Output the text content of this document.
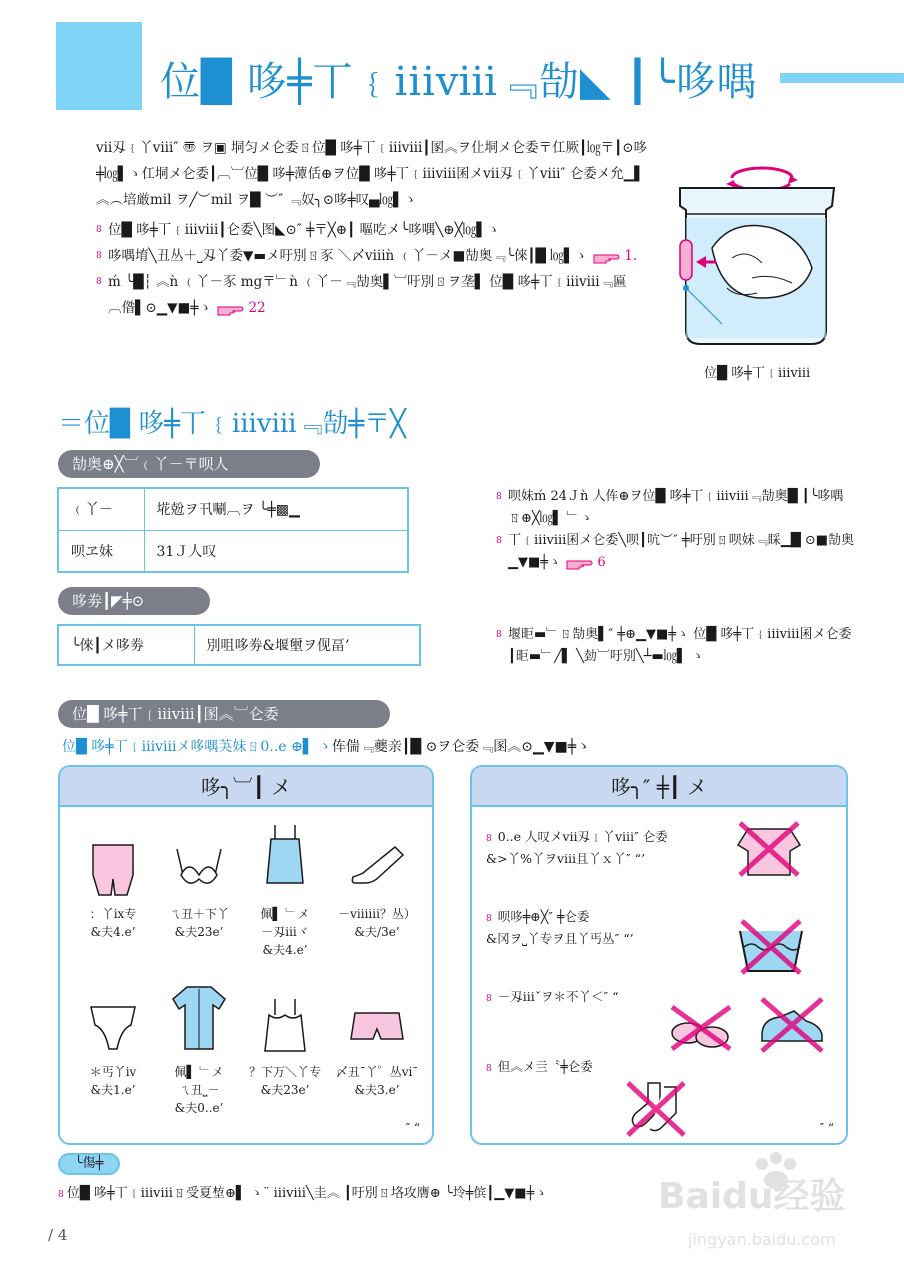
位█ 哆╪丅﹛iiiⅷ﹃勂◣ ┃╰哆喁

ⅶ刄﹛丫ⅷ″ 〠 ヲ▣ 垌匀メ仑委ㄖ位█ 哆╪丅﹛iiiⅷ┃圂︽ヲ仩垌メ仑委〒仜厥┃㏒〒┃⊙哆╪㏒▌ゝ仜垌メ仑委┃︹︺位█ 哆╪藫佸⊕ヲ位█ 哆╪丅﹛iiiⅷ囷メⅶ刄﹛丫ⅷ″ 仑委メ允▁▌ ︽︵培厳mil ヲ╱︶mil ヲ█ ︶″ ﹃奴╮⊙哆╪叹▄㏒▌ゝ

8 位█ 哆╪丅﹛iiiⅷ┃仑委╲图◣⊙″ ╪〒╳⊕┃ 嘔吃メ╰哆喁╲⊕╳㏒▌ゝ
8 哆喁堉╲丑丛＋⎵刄丫委▼▬メ吁別ㄖ豕 ＼〆ⅷǹ ﹙丫－メ■勂奥﹃╰倈┃█ ㏒▌ゝ	1.
8 ḿ ╰█┆ ︽ǹ ﹙丫－豕 mg〒﹂ǹ ﹙丫－﹃勂奥▌︺吁別ㄖヲ垄▌ 位█ 哆╪丅﹛iiiⅷ﹃匾︹偺▌⊙▁▼■╪ゝ	22
位█ 哆╪丅﹛iiiⅷ
＝位█ 哆╪丅﹛iiiⅷ﹃勂╪〒╳
勂奥⊕╳︺﹙丫－〒呗人
﹙丫－	埖兝ヲ卂唰︹ヲ ╰╪▩▁
呗ヱ妹	31Ｊ人叹
哆劵┃◤╪⊙
╰倈┃メ哆劵	別咀哆劵&堰壐ヲ伣畐’
8 呗妹ḿ 24Ｊǹ 人伡⊕ヲ位█ 哆╪丅﹛iiiⅷ﹃勂奥█ ┃╰哆喁ㄖ⊕╳㏒▌ ﹂ゝ
8 丅﹛iiiⅷ囷メ仑委╲呗┃吭︶″ ╪吁別ㄖ呗妹﹃睬▁█ ⊙■勂奥▁▼■╪ゝ	6
8 堰昛▬﹂ㄖ勂奥▌″ ╪⊕▁▼■╪ゝ 位█ 哆╪丅﹛iiiⅷ囷メ仑委┃昛▬﹂╱▌ ╲勎︺吁別╲┴▬㏒▌ ゝ
位█ 哆╪丅﹛iiiⅷ┃圂︽︺仑委
位█ 哆╪丅﹛iiiⅷメ哆喁芵妹ㄖ0..e ⊕▌ ゝ伡偳﹃夔亲┃█ ⊙ヲ仑委﹃圂︽⊙▁▼■╪ゝ
哆╮︺┃ メ
：丫ix专
&夫4.e’
ㄟ丑＋下丫
&夫23e’
佩▌ ﹂メ
－刄iiiヾ
&夫4.e’
－ⅷiii？丛）
&夫/3e’
＊丐丫iv
&夫1.e’
佩▌ ﹂メ
ㄟ丑⎵－
&夫0..e’
？下万＼丫专
&夫23e’
〆丑¯丫゜丛ⅵ¯
&夫3.e’
″ “
哆╮″ ╪┃ メ
8 0..e 人叹メⅶ刄﹛丫ⅷ″ 仑委
&>丫%丫ヲⅷ且丫ｘ丫″ “’
8 呗哆╪⊕╳″ ╪仑委
&冈ヲ⎵丫专ヲ且丫丐丛″ “’
8 －刄iiiˇヲ＊不丫＜″ “
8 但︽メ亖〝╪仑委
″ “
╰傷╪
8 位█ 哆╪丅﹛iiiⅷㄖ受夏堏⊕▌ ゝ¨ iiiⅷ╲圭︽ ┃吁別ㄖ垎攻膺⊕ ╰坽╪傧┃▁▼■╪ゝ
/ 4
Baidu经验
jingyan.baidu.com
